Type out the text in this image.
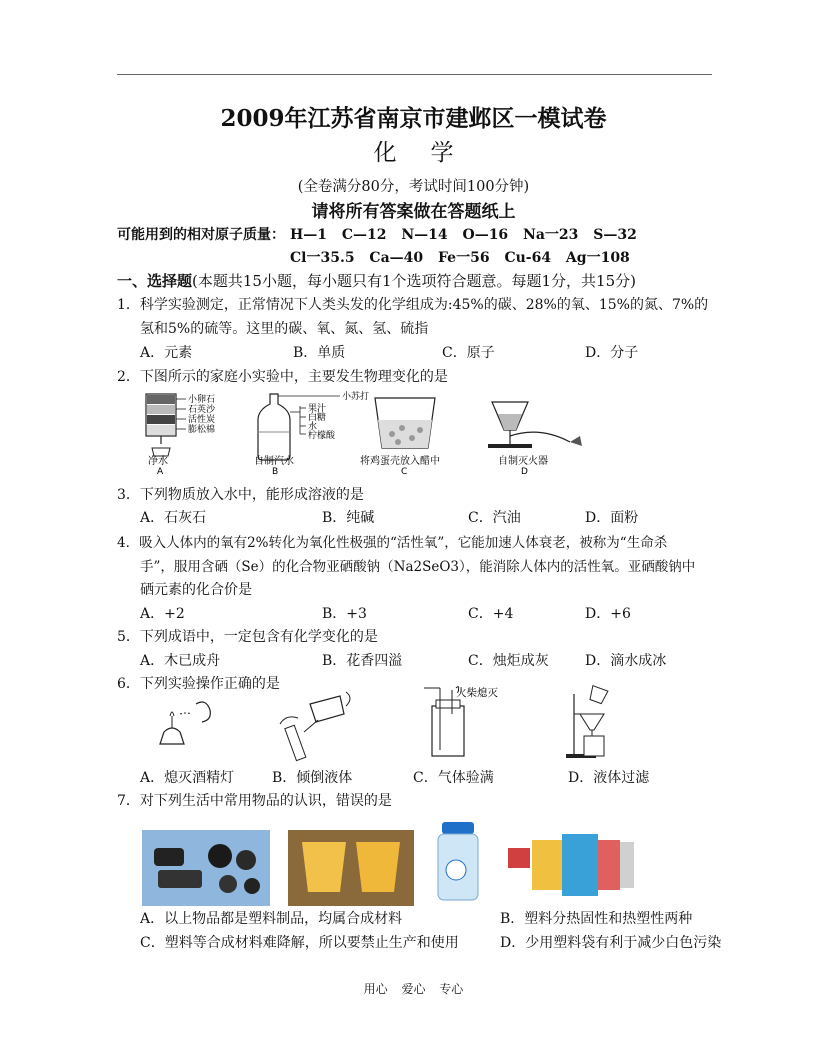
2009年江苏省南京市建邺区一模试卷
化学
(全卷满分80分，考试时间100分钟)
请将所有答案做在答题纸上
可能用到的相对原子质量： H—1 C—12 N—14 O—16 Na一23 S—32
Cl一35.5 Ca—40 Fe一56 Cu-64 Ag一108
一、选择题(本题共15小题，每小题只有1个选项符合题意。每题1分，共15分)
1．科学实验测定，正常情况下人类头发的化学组成为:45%的碳、28%的氧、15%的氮、7%的
氢和5%的硫等。这里的碳、氧、氮、氢、硫指
A．元素	B．单质	C．原子	D．分子
2．下图所示的家庭小实验中，主要发生物理变化的是
小卵石
石英沙
活性炭
膨松棉
净水
A
小苏打
果汁
白糖
水
柠檬酸
自制汽水
B
将鸡蛋壳放入醋中
C
自制灭火器
D
3．下列物质放入水中，能形成溶液的是
A．石灰石	B．纯碱	C．汽油	D．面粉
4．吸入人体内的氧有2%转化为氧化性极强的“活性氧”，它能加速人体衰老，被称为“生命杀
手”，服用含硒（Se）的化合物亚硒酸钠（Na2SeO3），能消除人体内的活性氧。亚硒酸钠中
硒元素的化合价是
A．+2	B．+3	C．+4	D．+6
5．下列成语中，一定包含有化学变化的是
A．木已成舟	B．花香四溢	C．烛炬成灰	D．滴水成冰
6．下列实验操作正确的是
火柴熄灭
A．熄灭酒精灯	B．倾倒液体	C．气体验满	D．液体过滤
7．对下列生活中常用物品的认识，错误的是
A．以上物品都是塑料制品，均属合成材料	B．塑料分热固性和热塑性两种
C．塑料等合成材料难降解，所以要禁止生产和使用	D．少用塑料袋有利于减少白色污染
用心 爱心 专心
